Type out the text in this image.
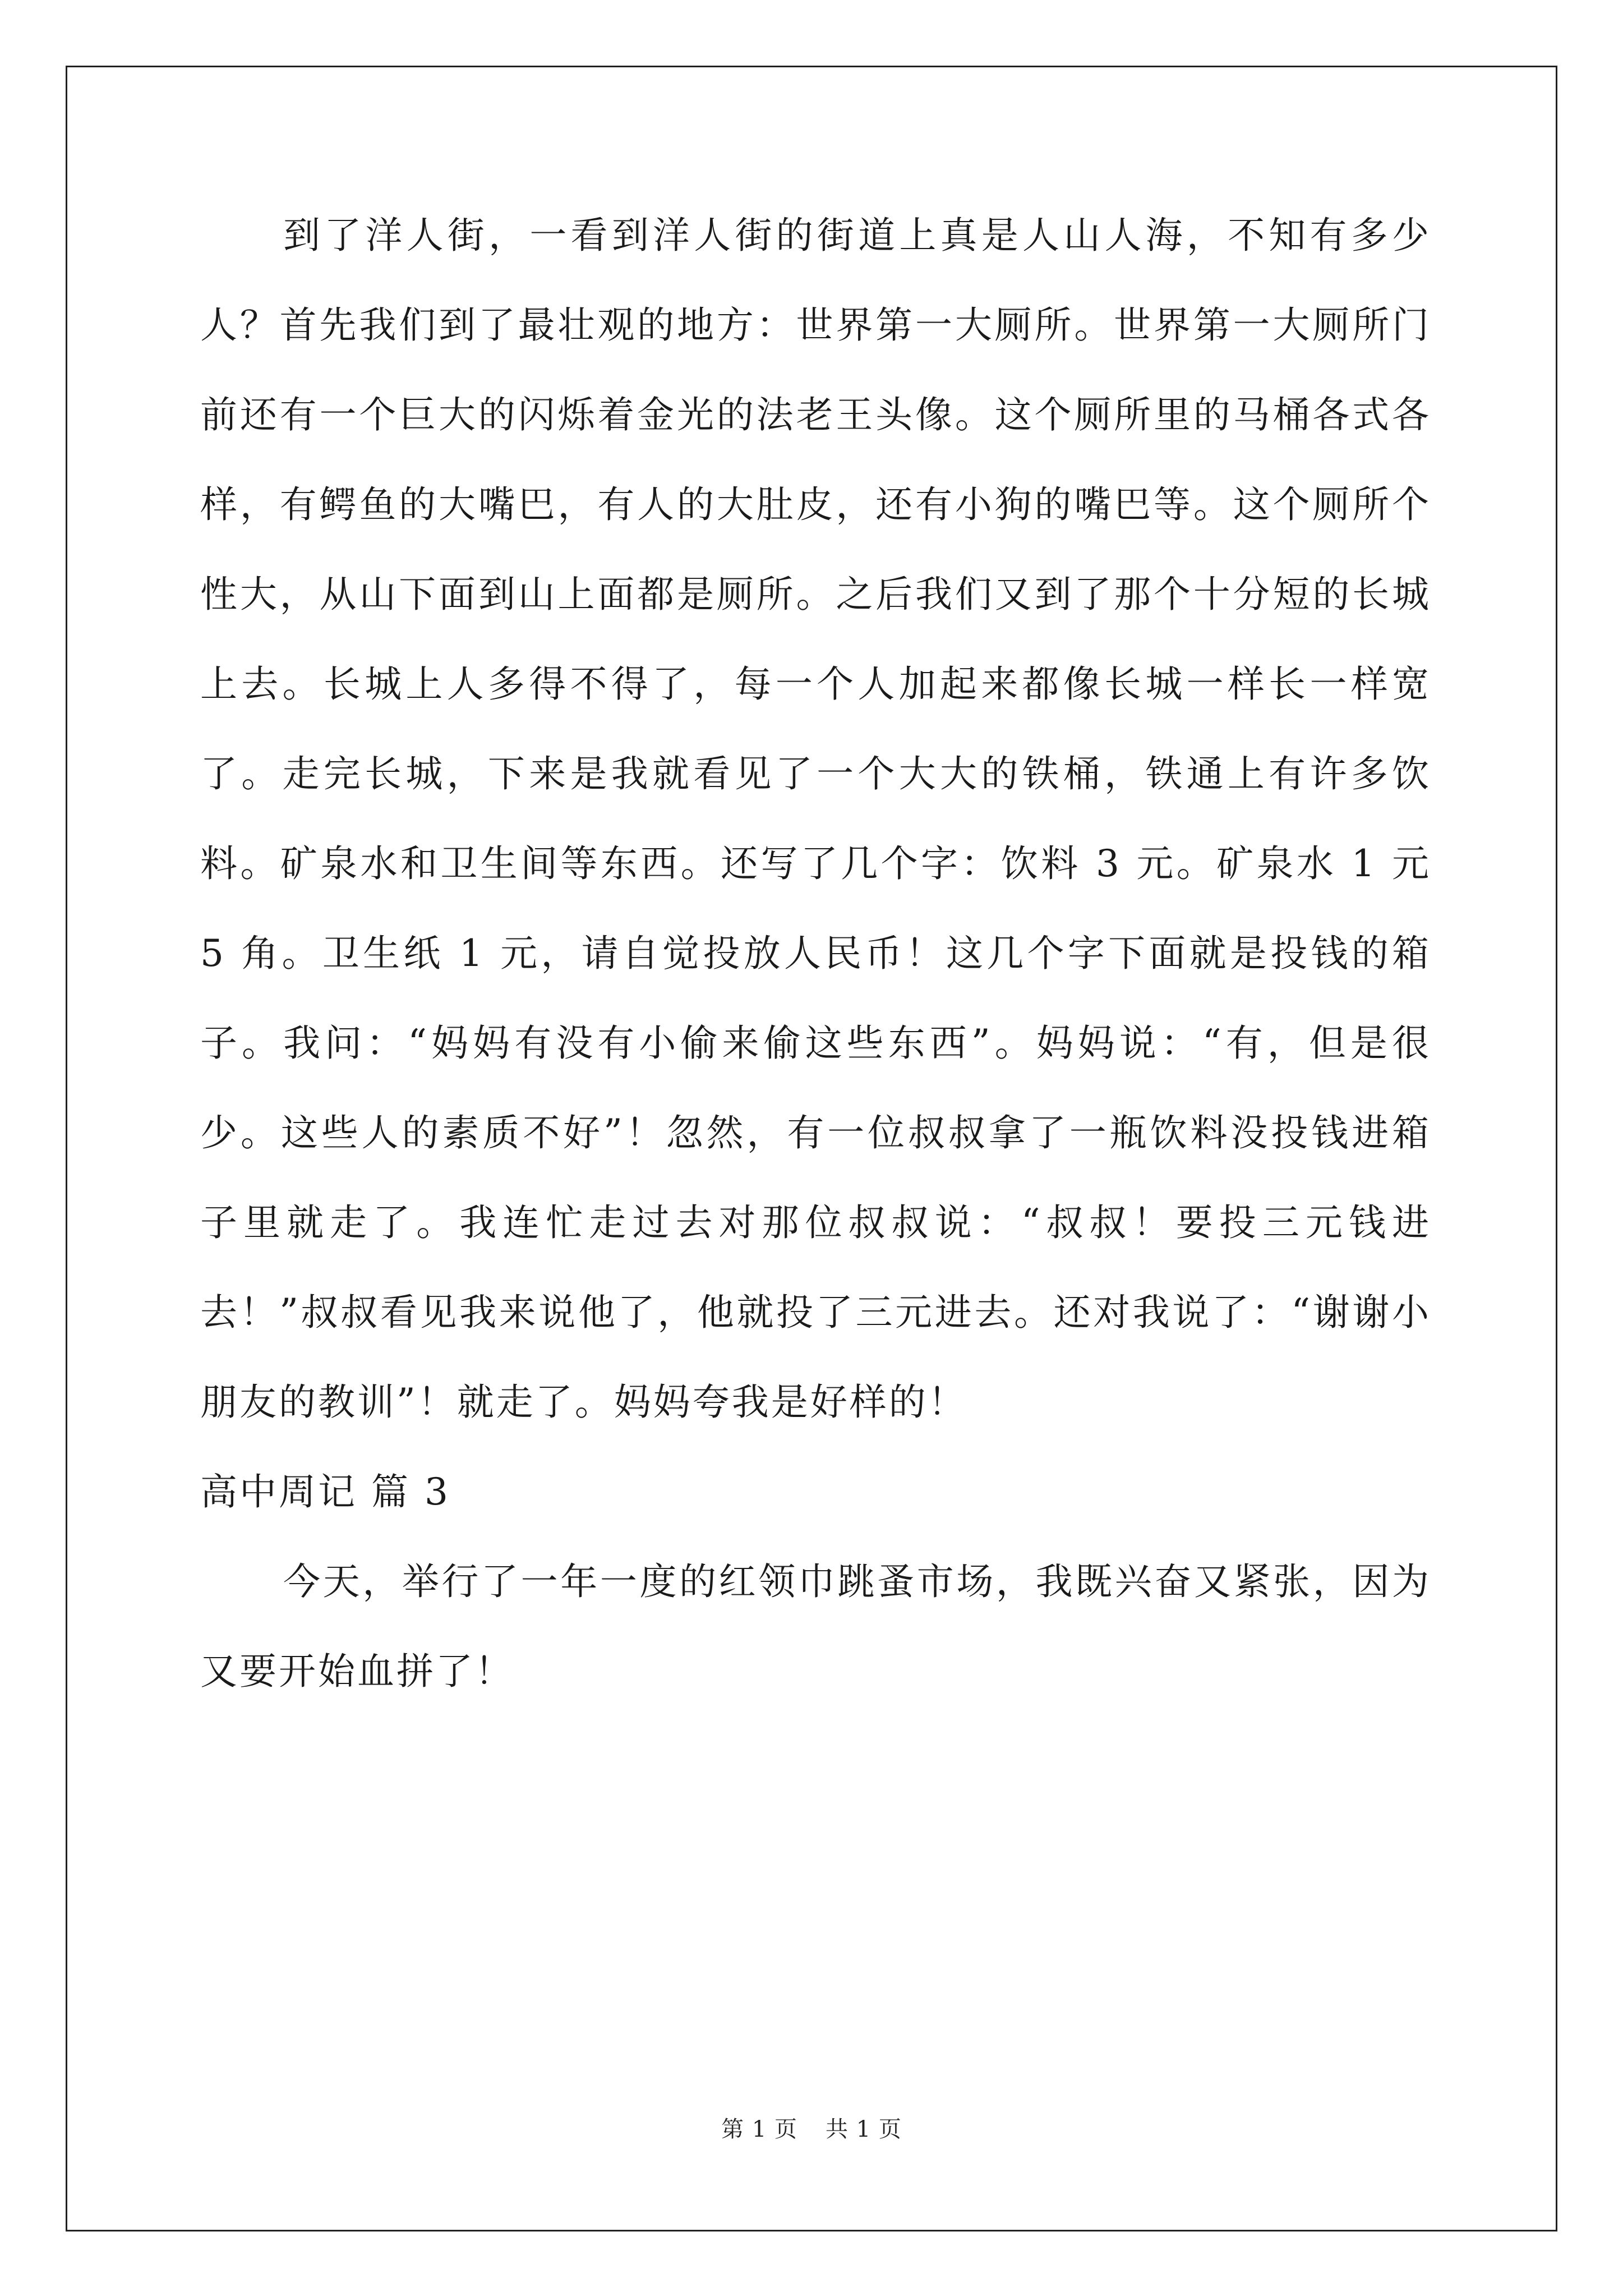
到了洋人街，一看到洋人街的街道上真是人山人海，不知有多少人？首先我们到了最壮观的地方：世界第一大厕所。世界第一大厕所门前还有一个巨大的闪烁着金光的法老王头像。这个厕所里的马桶各式各样，有鳄鱼的大嘴巴，有人的大肚皮，还有小狗的嘴巴等。这个厕所个性大，从山下面到山上面都是厕所。之后我们又到了那个十分短的长城上去。长城上人多得不得了，每一个人加起来都像长城一样长一样宽了。走完长城，下来是我就看见了一个大大的铁桶，铁通上有许多饮料。矿泉水和卫生间等东西。还写了几个字：饮料 3 元。矿泉水 1 元 5 角。卫生纸 1 元，请自觉投放人民币！这几个字下面就是投钱的箱子。我问：“妈妈有没有小偷来偷这些东西”。妈妈说：“有，但是很少。这些人的素质不好”！忽然，有一位叔叔拿了一瓶饮料没投钱进箱子里就走了。我连忙走过去对那位叔叔说：“叔叔！要投三元钱进去！”叔叔看见我来说他了，他就投了三元进去。还对我说了：“谢谢小朋友的教训”！就走了。妈妈夸我是好样的！

高中周记 篇 3

今天，举行了一年一度的红领巾跳蚤市场，我既兴奋又紧张，因为又要开始血拼了！

第 1 页 共 1 页
